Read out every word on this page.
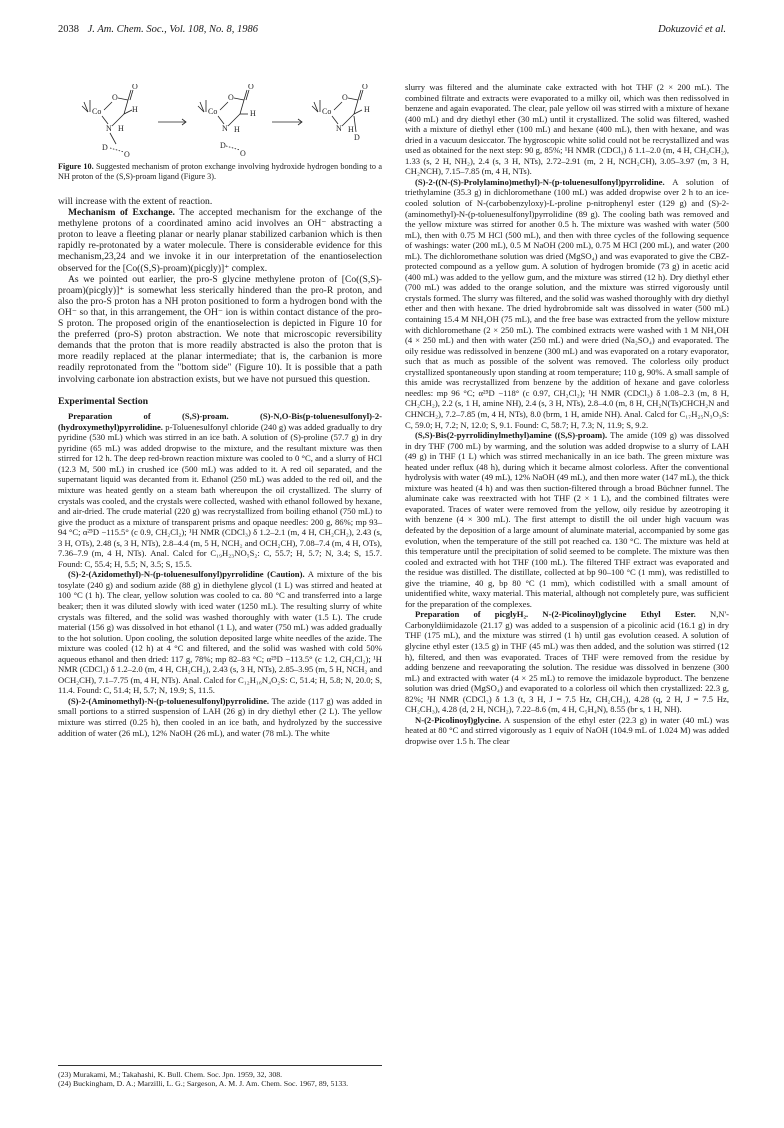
2038 J. Am. Chem. Soc., Vol. 108, No. 8, 1986	Dokuzović et al.
Co
O
O
H
N H
D
O
Co
O
O
H
N H
D
O
Co
O
O
H
N H
D
Figure 10. Suggested mechanism of proton exchange involving hydroxide hydrogen bonding to a NH proton of the (S,S)-proam ligand (Figure 3).

will increase with the extent of reaction.

Mechanism of Exchange. The accepted mechanism for the exchange of the methylene protons of a coordinated amino acid involves an OH⁻ abstracting a proton to leave a fleeting planar or nearly planar stabilized carbanion which is then rapidly re-protonated by a water molecule. There is considerable evidence for this mechanism,23,24 and we invoke it in our interpretation of the enantioselection observed for the [Co((S,S)-proam)(picgly)]⁺ complex.

As we pointed out earlier, the pro-S glycine methylene proton of [Co((S,S)-proam)(picgly)]⁺ is somewhat less sterically hindered than the pro-R proton, and also the pro-S proton has a NH proton positioned to form a hydrogen bond with the OH⁻ so that, in this arrangement, the OH⁻ ion is within contact distance of the pro-S proton. The proposed origin of the enantioselection is depicted in Figure 10 for the preferred (pro-S) proton abstraction. We note that microscopic reversibility demands that the proton that is more readily abstracted is also the proton that is more readily replaced at the planar intermediate; that is, the carbanion is more readily reprotonated from the "bottom side" (Figure 10). It is possible that a path involving carbonate ion abstraction exists, but we have not pursued this question.

Experimental Section

Preparation of (S,S)-proam. (S)-N,O-Bis(p-toluenesulfonyl)-2-(hydroxymethyl)pyrrolidine. p-Toluenesulfonyl chloride (240 g) was added gradually to dry pyridine (530 mL) which was stirred in an ice bath. A solution of (S)-proline (57.7 g) in dry pyridine (65 mL) was added dropwise to the mixture, and the resultant mixture was then stirred for 12 h. The deep red-brown reaction mixture was cooled to 0 °C, and a slurry of HCl (12.3 M, 500 mL) in crushed ice (500 mL) was added to it. A red oil separated, and the supernatant liquid was decanted from it. Ethanol (250 mL) was added to the red oil, and the mixture was heated gently on a steam bath whereupon the oil crystallized. The slurry of crystals was cooled, and the crystals were collected, washed with ethanol followed by hexane, and air-dried. The crude material (220 g) was recrystallized from boiling ethanol (750 mL) to give the product as a mixture of transparent prisms and opaque needles: 200 g, 86%; mp 93–94 °C; α²⁵D −115.5° (c 0.9, CH₂Cl₂); ¹H NMR (CDCl₃) δ 1.2–2.1 (m, 4 H, CH₂CH₂), 2.43 (s, 3 H, OTs), 2.48 (s, 3 H, NTs), 2.8–4.4 (m, 5 H, NCH₂ and OCH₂CH), 7.08–7.4 (m, 4 H, OTs), 7.36–7.9 (m, 4 H, NTs). Anal. Calcd for C₁₉H₂₃NO₅S₂: C, 55.7; H, 5.7; N, 3.4; S, 15.7. Found: C, 55.4; H, 5.5; N, 3.5; S, 15.5.

(S)-2-(Azidomethyl)-N-(p-toluenesulfonyl)pyrrolidine (Caution). A mixture of the bis tosylate (240 g) and sodium azide (88 g) in diethylene glycol (1 L) was stirred and heated at 100 °C (1 h). The clear, yellow solution was cooled to ca. 80 °C and transferred into a large beaker; then it was diluted slowly with iced water (1250 mL). The resulting slurry of white crystals was filtered, and the solid was washed thoroughly with water (1.5 L). The crude material (156 g) was dissolved in hot ethanol (1 L), and water (750 mL) was added gradually to the hot solution. Upon cooling, the solution deposited large white needles of the azide. The mixture was cooled (12 h) at 4 °C and filtered, and the solid was washed with cold 50% aqueous ethanol and then dried: 117 g, 78%; mp 82–83 °C; α²⁵D −113.5° (c 1.2, CH₂Cl₂); ¹H NMR (CDCl₃) δ 1.2–2.0 (m, 4 H, CH₂CH₂), 2.43 (s, 3 H, NTs), 2.85–3.95 (m, 5 H, NCH₂ and OCH₂CH), 7.1–7.75 (m, 4 H, NTs). Anal. Calcd for C₁₂H₁₆N₄O₂S: C, 51.4; H, 5.8; N, 20.0; S, 11.4. Found: C, 51.4; H, 5.7; N, 19.9; S, 11.5.

(S)-2-(Aminomethyl)-N-(p-toluenesulfonyl)pyrrolidine. The azide (117 g) was added in small portions to a stirred suspension of LAH (26 g) in dry diethyl ether (2 L). The yellow mixture was stirred (0.25 h), then cooled in an ice bath, and hydrolyzed by the successive addition of water (26 mL), 12% NaOH (26 mL), and water (78 mL). The white

(23) Murakami, M.; Takahashi, K. Bull. Chem. Soc. Jpn. 1959, 32, 308.

(24) Buckingham, D. A.; Marzilli, L. G.; Sargeson, A. M. J. Am. Chem. Soc. 1967, 89, 5133.

slurry was filtered and the aluminate cake extracted with hot THF (2 × 200 mL). The combined filtrate and extracts were evaporated to a milky oil, which was then redissolved in benzene and again evaporated. The clear, pale yellow oil was stirred with a mixture of hexane (400 mL) and dry diethyl ether (30 mL) until it crystallized. The solid was filtered, washed with a mixture of diethyl ether (100 mL) and hexane (400 mL), then with hexane, and was dried in a vacuum desiccator. The hygroscopic white solid could not be recrystallized and was used as obtained for the next step: 90 g, 85%; ¹H NMR (CDCl₃) δ 1.1–2.0 (m, 4 H, CH₂CH₂), 1.33 (s, 2 H, NH₂), 2.4 (s, 3 H, NTs), 2.72–2.91 (m, 2 H, NCH₂CH), 3.05–3.97 (m, 3 H, CH₂NCH), 7.15–7.85 (m, 4 H, NTs).

(S)-2-((N-(S)-Prolylamino)methyl)-N-(p-toluenesulfonyl)pyrrolidine. A solution of triethylamine (35.3 g) in dichloromethane (100 mL) was added dropwise over 2 h to an ice-cooled solution of N-(carbobenzyloxy)-L-proline p-nitrophenyl ester (129 g) and (S)-2-(aminomethyl)-N-(p-toluenesulfonyl)pyrrolidine (89 g). The cooling bath was removed and the yellow mixture was stirred for another 0.5 h. The mixture was washed with water (500 mL), then with 0.75 M HCl (500 mL), and then with three cycles of the following sequence of washings: water (200 mL), 0.5 M NaOH (200 mL), 0.75 M HCl (200 mL), and water (200 mL). The dichloromethane solution was dried (MgSO₄) and was evaporated to give the CBZ-protected compound as a yellow gum. A solution of hydrogen bromide (73 g) in acetic acid (400 mL) was added to the yellow gum, and the mixture was stirred (12 h). Dry diethyl ether (700 mL) was added to the orange solution, and the mixture was stirred vigorously until crystals formed. The slurry was filtered, and the solid was washed thoroughly with dry diethyl ether and then with hexane. The dried hydrobromide salt was dissolved in water (500 mL) containing 15.4 M NH₄OH (75 mL), and the free base was extracted from the yellow mixture with dichloromethane (2 × 250 mL). The combined extracts were washed with 1 M NH₄OH (4 × 250 mL) and then with water (250 mL) and were dried (Na₂SO₄) and evaporated. The oily residue was redissolved in benzene (300 mL) and was evaporated on a rotary evaporator, such that as much as possible of the solvent was removed. The colorless oily product crystallized spontaneously upon standing at room temperature; 110 g, 90%. A small sample of this amide was recrystallized from benzene by the addition of hexane and gave colorless needles: mp 96 °C; α²⁵D −118° (c 0.97, CH₂Cl₂); ¹H NMR (CDCl₃) δ 1.08–2.3 (m, 8 H, CH₂CH₂), 2.2 (s, 1 H, amine NH), 2.4 (s, 3 H, NTs), 2.8–4.0 (m, 8 H, CH₂N(Ts)CHCH₂N and CHNCH₂), 7.2–7.85 (m, 4 H, NTs), 8.0 (brm, 1 H, amide NH). Anal. Calcd for C₁₇H₂₅N₃O₃S: C, 59.0; H, 7.2; N, 12.0; S, 9.1. Found: C, 58.7; H, 7.3; N, 11.9; S, 9.2.

(S,S)-Bis(2-pyrrolidinylmethyl)amine ((S,S)-proam). The amide (109 g) was dissolved in dry THF (700 mL) by warming, and the solution was added dropwise to a slurry of LAH (49 g) in THF (1 L) which was stirred mechanically in an ice bath. The green mixture was heated under reflux (48 h), during which it became almost colorless. After the conventional hydrolysis with water (49 mL), 12% NaOH (49 mL), and then more water (147 mL), the thick mixture was heated (4 h) and was then suction-filtered through a broad Büchner funnel. The aluminate cake was reextracted with hot THF (2 × 1 L), and the combined filtrates were evaporated. Traces of water were removed from the yellow, oily residue by azeotroping it with benzene (4 × 300 mL). The first attempt to distill the oil under high vacuum was defeated by the deposition of a large amount of aluminate material, accompanied by some gas evolution, when the temperature of the still pot reached ca. 130 °C. The mixture was held at this temperature until the precipitation of solid seemed to be complete. The mixture was then cooled and extracted with hot THF (100 mL). The filtered THF extract was evaporated and the residue was distilled. The distillate, collected at bp 90–100 °C (1 mm), was redistilled to give the triamine, 40 g, bp 80 °C (1 mm), which codistilled with a small amount of unidentified white, waxy material. This material, although not completely pure, was sufficient for the preparation of the complexes.

Preparation of picglyH₂. N-(2-Picolinoyl)glycine Ethyl Ester. N,N'-Carbonyldiimidazole (21.17 g) was added to a suspension of a picolinic acid (16.1 g) in dry THF (175 mL), and the mixture was stirred (1 h) until gas evolution ceased. A solution of glycine ethyl ester (13.5 g) in THF (45 mL) was then added, and the solution was stirred (12 h), filtered, and then was evaporated. Traces of THF were removed from the residue by adding benzene and reevaporating the solution. The residue was dissolved in benzene (300 mL) and extracted with water (4 × 25 mL) to remove the imidazole byproduct. The benzene solution was dried (MgSO₄) and evaporated to a colorless oil which then crystallized: 22.3 g, 82%; ¹H NMR (CDCl₃) δ 1.3 (t, 3 H, J = 7.5 Hz, CH₂CH₃), 4.28 (q, 2 H, J = 7.5 Hz, CH₂CH₃), 4.28 (d, 2 H, NCH₂), 7.22–8.6 (m, 4 H, C₅H₄N), 8.55 (br s, 1 H, NH).

N-(2-Picolinoyl)glycine. A suspension of the ethyl ester (22.3 g) in water (40 mL) was heated at 80 °C and stirred vigorously as 1 equiv of NaOH (104.9 mL of 1.024 M) was added dropwise over 1.5 h. The clear
